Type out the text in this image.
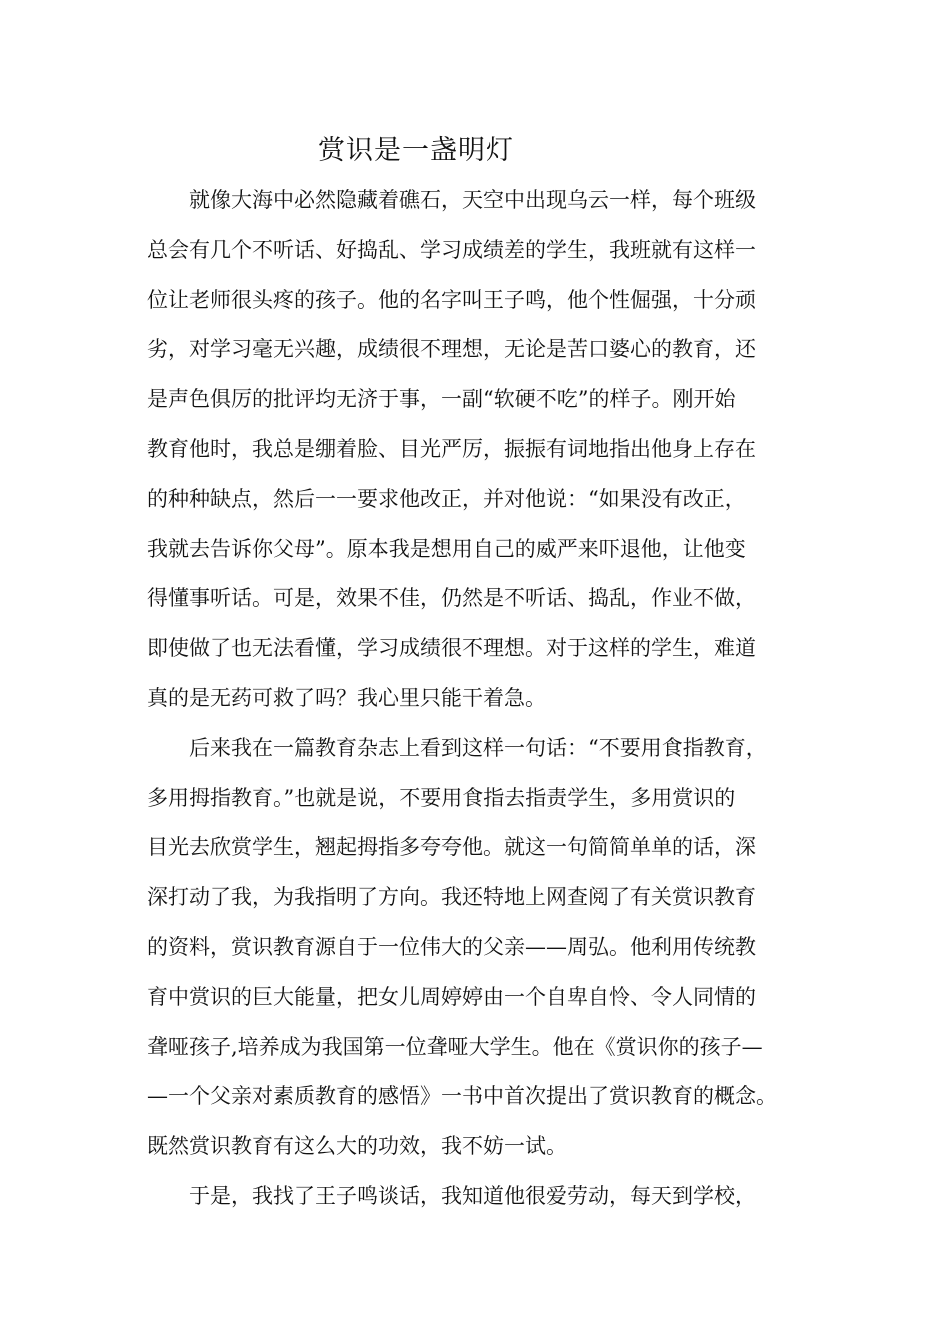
赏识是一盏明灯
就像大海中必然隐藏着礁石，天空中出现乌云一样，每个班级
总会有几个不听话、好捣乱、学习成绩差的学生，我班就有这样一
位让老师很头疼的孩子。他的名字叫王子鸣，他个性倔强，十分顽
劣，对学习毫无兴趣，成绩很不理想，无论是苦口婆心的教育，还
是声色俱厉的批评均无济于事，一副“软硬不吃”的样子。刚开始
教育他时，我总是绷着脸、目光严厉，振振有词地指出他身上存在
的种种缺点，然后一一要求他改正，并对他说：“如果没有改正，
我就去告诉你父母”。原本我是想用自己的威严来吓退他，让他变
得懂事听话。可是，效果不佳，仍然是不听话、捣乱，作业不做，
即使做了也无法看懂，学习成绩很不理想。对于这样的学生，难道
真的是无药可救了吗？我心里只能干着急。
后来我在一篇教育杂志上看到这样一句话：“不要用食指教育，
多用拇指教育。”也就是说，不要用食指去指责学生，多用赏识的
目光去欣赏学生，翘起拇指多夸夸他。就这一句简简单单的话，深
深打动了我，为我指明了方向。我还特地上网查阅了有关赏识教育
的资料，赏识教育源自于一位伟大的父亲——周弘。他利用传统教
育中赏识的巨大能量，把女儿周婷婷由一个自卑自怜、令人同情的
聋哑孩子,培养成为我国第一位聋哑大学生。他在《赏识你的孩子—
—一个父亲对素质教育的感悟》一书中首次提出了赏识教育的概念。
既然赏识教育有这么大的功效，我不妨一试。
于是，我找了王子鸣谈话，我知道他很爱劳动，每天到学校，
